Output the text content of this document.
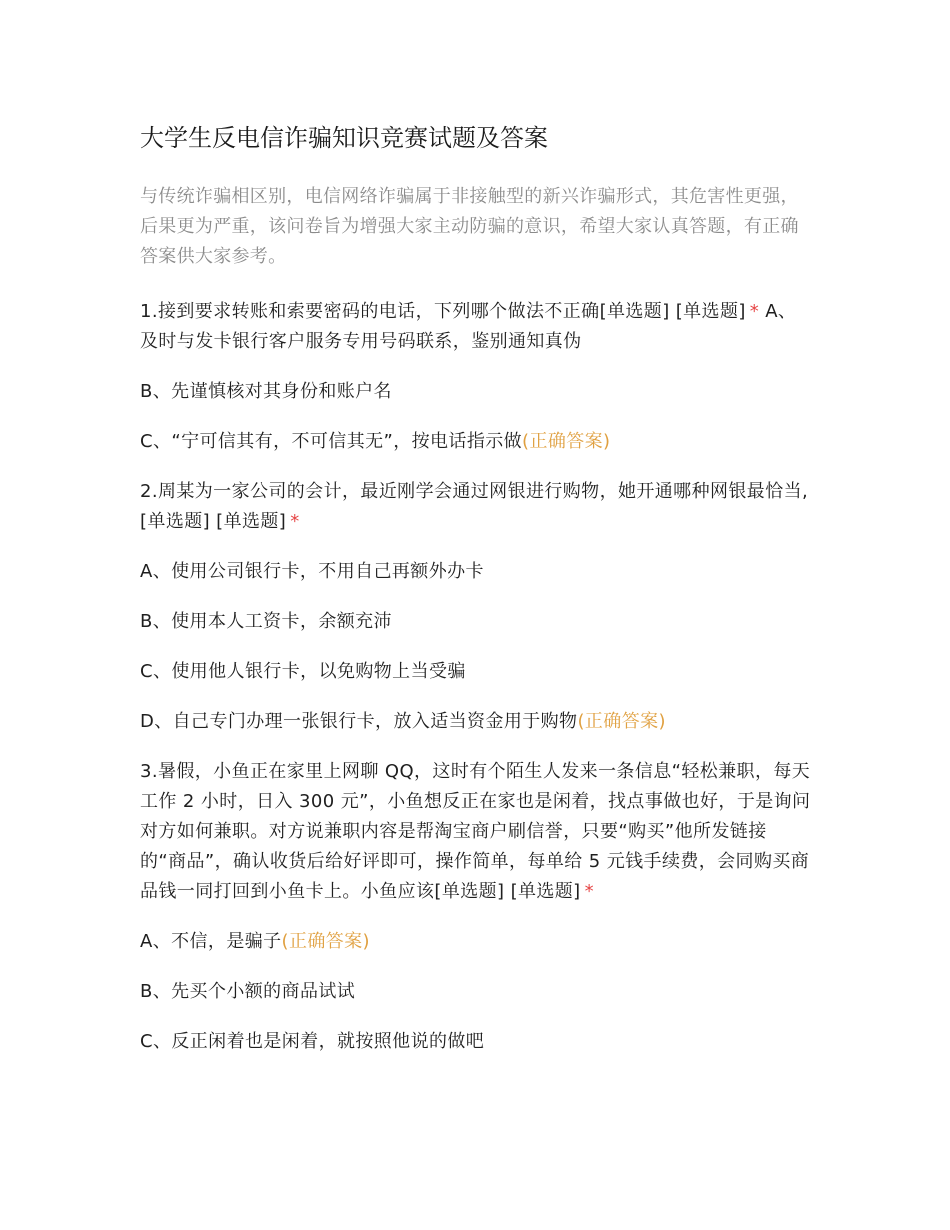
大学生反电信诈骗知识竞赛试题及答案

与传统诈骗相区别，电信网络诈骗属于非接触型的新兴诈骗形式，其危害性更强，后果更为严重，该问卷旨为增强大家主动防骗的意识，希望大家认真答题，有正确答案供大家参考。

1.接到要求转账和索要密码的电话，下列哪个做法不正确[单选题] [单选题] * A、及时与发卡银行客户服务专用号码联系，鉴别通知真伪

B、先谨慎核对其身份和账户名

C、“宁可信其有，不可信其无”，按电话指示做(正确答案)

2.周某为一家公司的会计，最近刚学会通过网银进行购物，她开通哪种网银最恰当,[单选题] [单选题] *

A、使用公司银行卡，不用自己再额外办卡

B、使用本人工资卡，余额充沛

C、使用他人银行卡，以免购物上当受骗

D、自己专门办理一张银行卡，放入适当资金用于购物(正确答案)

3.暑假，小鱼正在家里上网聊 QQ，这时有个陌生人发来一条信息“轻松兼职，每天工作 2 小时，日入 300 元”，小鱼想反正在家也是闲着，找点事做也好，于是询问对方如何兼职。对方说兼职内容是帮淘宝商户刷信誉，只要“购买”他所发链接的“商品”，确认收货后给好评即可，操作简单，每单给 5 元钱手续费，会同购买商品钱一同打回到小鱼卡上。小鱼应该[单选题] [单选题] *

A、不信，是骗子(正确答案)

B、先买个小额的商品试试

C、反正闲着也是闲着，就按照他说的做吧
